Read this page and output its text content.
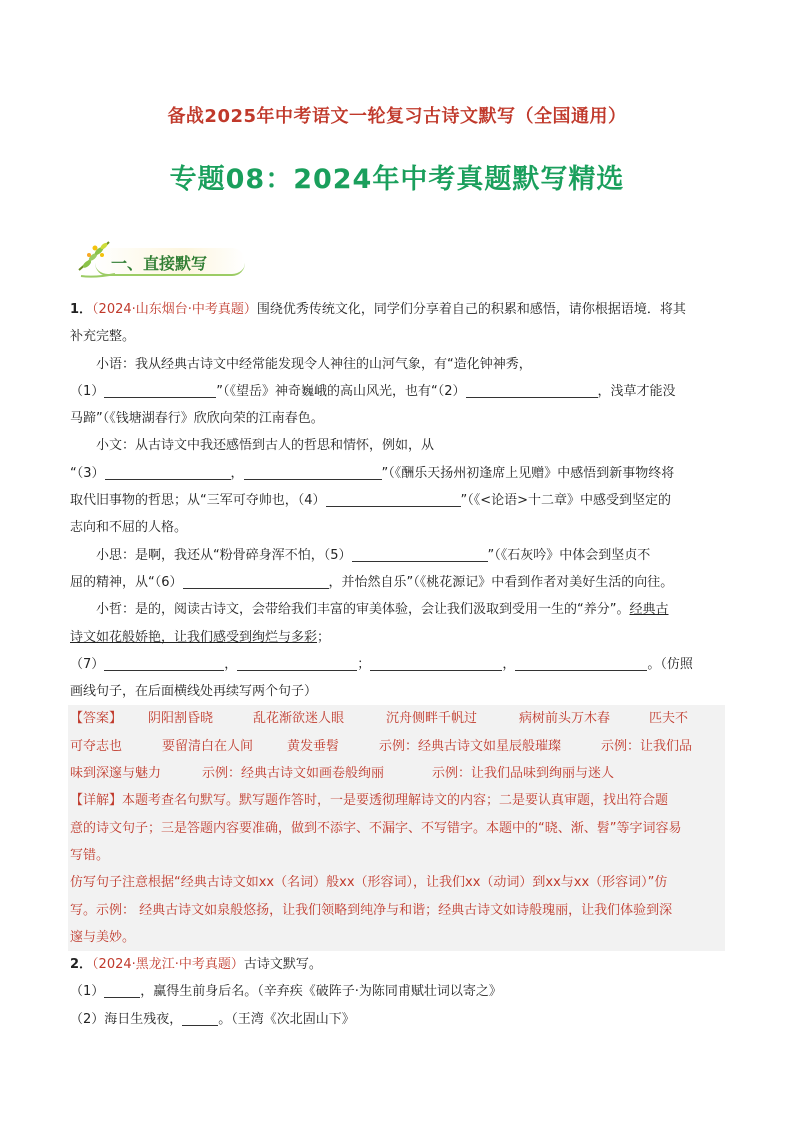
备战2025年中考语文一轮复习古诗文默写（全国通用）
专题08：2024年中考真题默写精选
一、直接默写
1．（2024·山东烟台·中考真题）围绕优秀传统文化，同学们分享着自己的积累和感悟，请你根据语境．将其
补充完整。
小语：我从经典古诗文中经常能发现令人神往的山河气象，有“造化钟神秀，
（1）	”（《望岳》神奇巍峨的高山风光，也有“（2）	，浅草才能没
马蹄”（《钱塘湖春行》欣欣向荣的江南春色。
小文：从古诗文中我还感悟到古人的哲思和情怀，例如，从
“（3）	，	”（《酬乐天扬州初逢席上见赠》中感悟到新事物终将
取代旧事物的哲思；从“三军可夺帅也，（4）	”（《<论语>十二章》中感受到坚定的
志向和不屈的人格。
小思：是啊，我还从“粉骨碎身浑不怕，（5）	”（《石灰吟》中体会到坚贞不
屈的精神，从“（6）	，并怡然自乐”（《桃花源记》中看到作者对美好生活的向往。
小哲：是的，阅读古诗文，会带给我们丰富的审美体验，会让我们汲取到受用一生的“养分”。经典古
诗文如花般娇艳，让我们感受到绚烂与多彩；
（7）	，	；	，	。（仿照
画线句子，在后面横线处再续写两个句子）
【答案】 阴阳割昏晓	乱花渐欲迷人眼	沉舟侧畔千帆过	病树前头万木春	匹夫不
可夺志也	要留清白在人间	黄发垂髫	示例：经典古诗文如星辰般璀璨	示例：让我们品
味到深邃与魅力	示例：经典古诗文如画卷般绚丽	示例：让我们品味到绚丽与迷人
【详解】本题考查名句默写。默写题作答时，一是要透彻理解诗文的内容；二是要认真审题，找出符合题
意的诗文句子；三是答题内容要准确，做到不添字、不漏字、不写错字。本题中的“晓、渐、髫”等字词容易
写错。
仿写句子注意根据“经典古诗文如xx（名词）般xx（形容词），让我们xx（动词）到xx与xx（形容词）”仿
写。示例： 经典古诗文如泉般悠扬，让我们领略到纯净与和谐；经典古诗文如诗般瑰丽，让我们体验到深
邃与美妙。
2．（2024·黑龙江·中考真题）古诗文默写。
（1）	，赢得生前身后名。（辛弃疾《破阵子·为陈同甫赋壮词以寄之》
（2）海日生残夜，	。（王湾《次北固山下》
